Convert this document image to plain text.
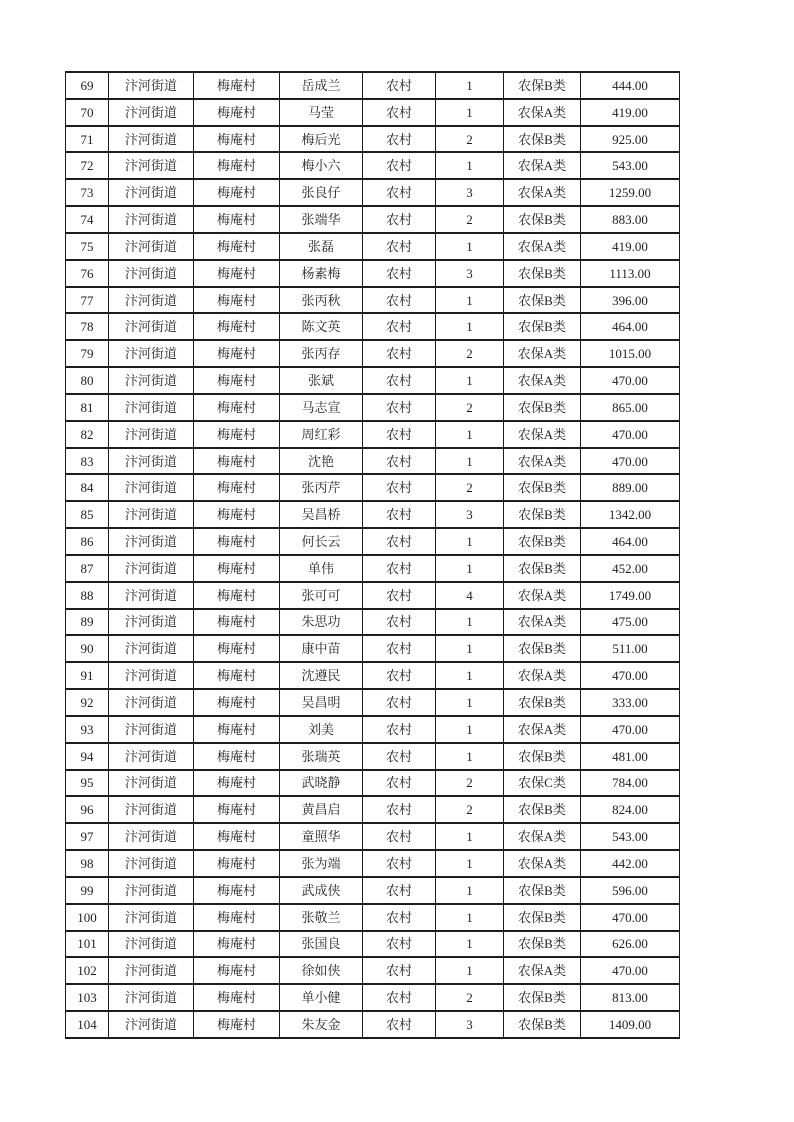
69	汴河街道	梅庵村	岳成兰	农村	1	农保B类	444.00
70	汴河街道	梅庵村	马莹	农村	1	农保A类	419.00
71	汴河街道	梅庵村	梅后光	农村	2	农保B类	925.00
72	汴河街道	梅庵村	梅小六	农村	1	农保A类	543.00
73	汴河街道	梅庵村	张良仔	农村	3	农保A类	1259.00
74	汴河街道	梅庵村	张端华	农村	2	农保B类	883.00
75	汴河街道	梅庵村	张磊	农村	1	农保A类	419.00
76	汴河街道	梅庵村	杨素梅	农村	3	农保B类	1113.00
77	汴河街道	梅庵村	张丙秋	农村	1	农保B类	396.00
78	汴河街道	梅庵村	陈文英	农村	1	农保B类	464.00
79	汴河街道	梅庵村	张丙存	农村	2	农保A类	1015.00
80	汴河街道	梅庵村	张斌	农村	1	农保A类	470.00
81	汴河街道	梅庵村	马志宣	农村	2	农保B类	865.00
82	汴河街道	梅庵村	周红彩	农村	1	农保A类	470.00
83	汴河街道	梅庵村	沈艳	农村	1	农保A类	470.00
84	汴河街道	梅庵村	张丙芹	农村	2	农保B类	889.00
85	汴河街道	梅庵村	吴昌桥	农村	3	农保B类	1342.00
86	汴河街道	梅庵村	何长云	农村	1	农保B类	464.00
87	汴河街道	梅庵村	单伟	农村	1	农保B类	452.00
88	汴河街道	梅庵村	张可可	农村	4	农保A类	1749.00
89	汴河街道	梅庵村	朱思功	农村	1	农保A类	475.00
90	汴河街道	梅庵村	康中苗	农村	1	农保B类	511.00
91	汴河街道	梅庵村	沈遵民	农村	1	农保A类	470.00
92	汴河街道	梅庵村	吴昌明	农村	1	农保B类	333.00
93	汴河街道	梅庵村	刘美	农村	1	农保A类	470.00
94	汴河街道	梅庵村	张瑞英	农村	1	农保B类	481.00
95	汴河街道	梅庵村	武晓静	农村	2	农保C类	784.00
96	汴河街道	梅庵村	黄昌启	农村	2	农保B类	824.00
97	汴河街道	梅庵村	童照华	农村	1	农保A类	543.00
98	汴河街道	梅庵村	张为端	农村	1	农保A类	442.00
99	汴河街道	梅庵村	武成侠	农村	1	农保B类	596.00
100	汴河街道	梅庵村	张敬兰	农村	1	农保B类	470.00
101	汴河街道	梅庵村	张国良	农村	1	农保B类	626.00
102	汴河街道	梅庵村	徐如侠	农村	1	农保A类	470.00
103	汴河街道	梅庵村	单小健	农村	2	农保B类	813.00
104	汴河街道	梅庵村	朱友金	农村	3	农保B类	1409.00
